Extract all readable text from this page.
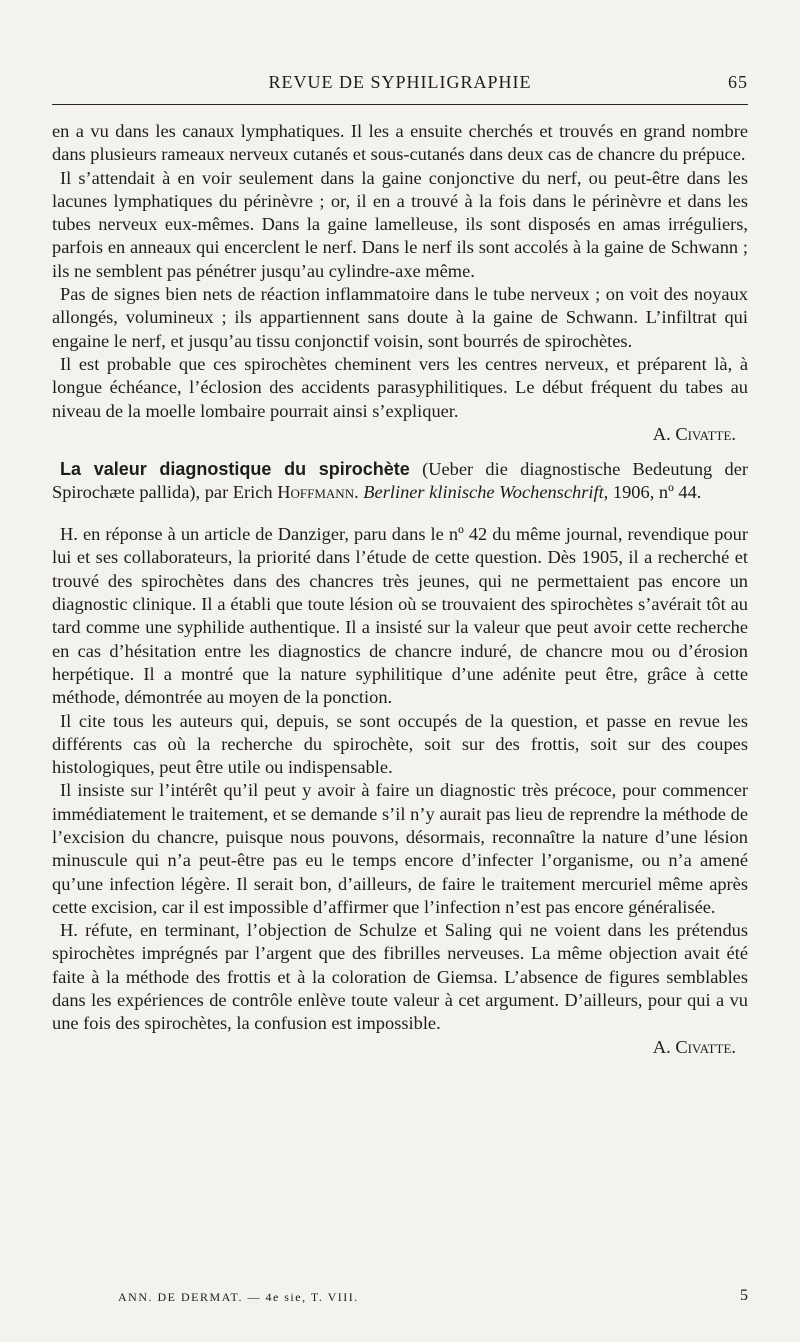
REVUE DE SYPHILIGRAPHIE	65

en a vu dans les canaux lymphatiques. Il les a ensuite cherchés et trouvés en grand nombre dans plusieurs rameaux nerveux cutanés et sous-cutanés dans deux cas de chancre du prépuce.

Il s’attendait à en voir seulement dans la gaine conjonctive du nerf, ou peut-être dans les lacunes lymphatiques du périnèvre ; or, il en a trouvé à la fois dans le périnèvre et dans les tubes nerveux eux-mêmes. Dans la gaine lamelleuse, ils sont disposés en amas irréguliers, parfois en anneaux qui encerclent le nerf. Dans le nerf ils sont accolés à la gaine de Schwann ; ils ne semblent pas pénétrer jusqu’au cylindre-axe même.

Pas de signes bien nets de réaction inflammatoire dans le tube nerveux ; on voit des noyaux allongés, volumineux ; ils appartiennent sans doute à la gaine de Schwann. L’infiltrat qui engaine le nerf, et jusqu’au tissu conjonctif voisin, sont bourrés de spirochètes.

Il est probable que ces spirochètes cheminent vers les centres nerveux, et préparent là, à longue échéance, l’éclosion des accidents parasyphilitiques. Le début fréquent du tabes au niveau de la moelle lombaire pourrait ainsi s’expliquer.

A. Civatte.

La valeur diagnostique du spirochète (Ueber die diagnostische Bedeutung der Spirochæte pallida), par Erich Hoffmann. Berliner klinische Wochenschrift, 1906, nº 44.

H. en réponse à un article de Danziger, paru dans le nº 42 du même journal, revendique pour lui et ses collaborateurs, la priorité dans l’étude de cette question. Dès 1905, il a recherché et trouvé des spirochètes dans des chancres très jeunes, qui ne permettaient pas encore un diagnostic clinique. Il a établi que toute lésion où se trouvaient des spirochètes s’avérait tôt au tard comme une syphilide authentique. Il a insisté sur la valeur que peut avoir cette recherche en cas d’hésitation entre les diagnostics de chancre induré, de chancre mou ou d’érosion herpétique. Il a montré que la nature syphilitique d’une adénite peut être, grâce à cette méthode, démontrée au moyen de la ponction.

Il cite tous les auteurs qui, depuis, se sont occupés de la question, et passe en revue les différents cas où la recherche du spirochète, soit sur des frottis, soit sur des coupes histologiques, peut être utile ou indispensable.

Il insiste sur l’intérêt qu’il peut y avoir à faire un diagnostic très précoce, pour commencer immédiatement le traitement, et se demande s’il n’y aurait pas lieu de reprendre la méthode de l’excision du chancre, puisque nous pouvons, désormais, reconnaître la nature d’une lésion minuscule qui n’a peut-être pas eu le temps encore d’infecter l’organisme, ou n’a amené qu’une infection légère. Il serait bon, d’ailleurs, de faire le traitement mercuriel même après cette excision, car il est impossible d’affirmer que l’infection n’est pas encore généralisée.

H. réfute, en terminant, l’objection de Schulze et Saling qui ne voient dans les prétendus spirochètes imprégnés par l’argent que des fibrilles nerveuses. La même objection avait été faite à la méthode des frottis et à la coloration de Giemsa. L’absence de figures semblables dans les expériences de contrôle enlève toute valeur à cet argument. D’ailleurs, pour qui a vu une fois des spirochètes, la confusion est impossible.

A. Civatte.
ANN. DE DERMAT. — 4e sie, T. VIII.	5
